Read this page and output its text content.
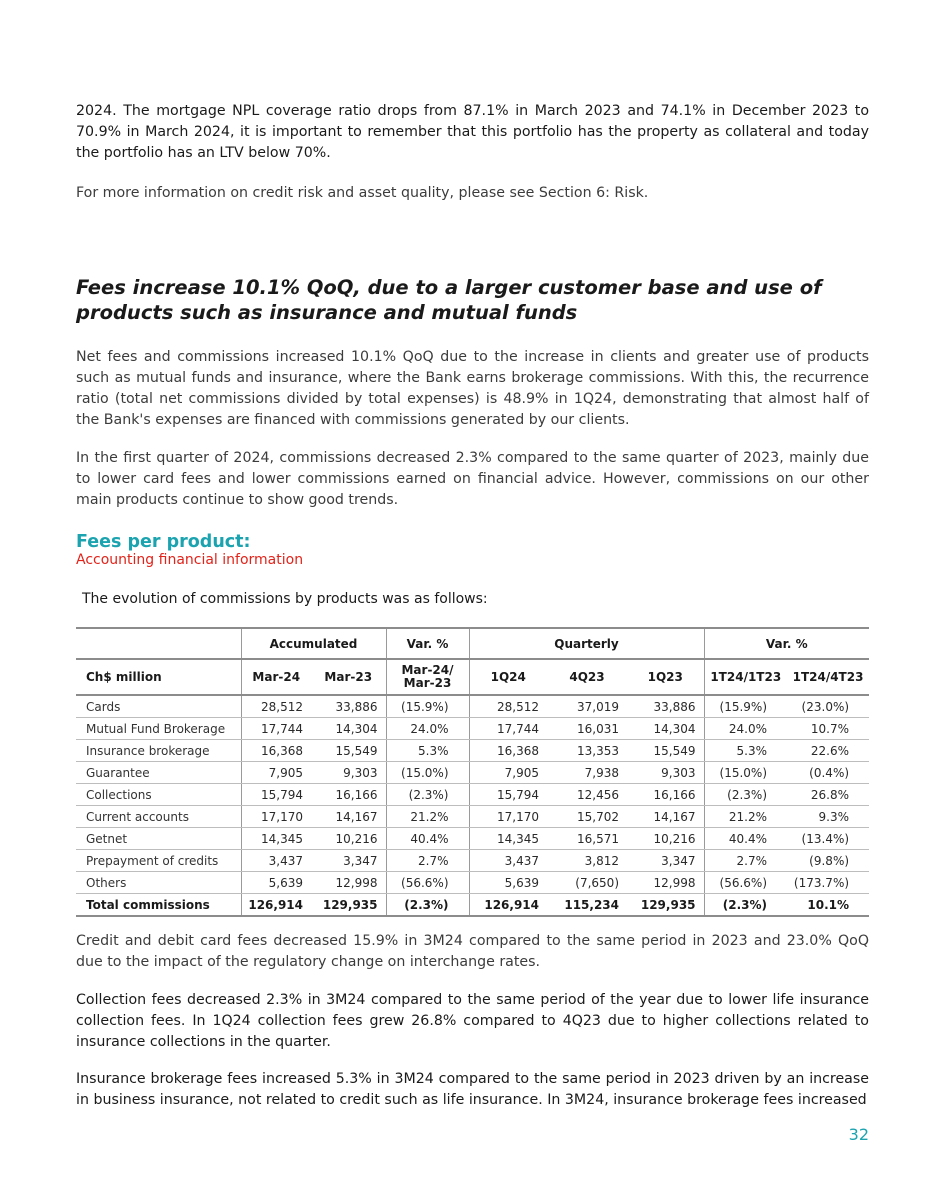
2024. The mortgage NPL coverage ratio drops from 87.1% in March 2023 and 74.1% in December 2023 to 70.9% in March 2024, it is important to remember that this portfolio has the property as collateral and today the portfolio has an LTV below 70%.

For more information on credit risk and asset quality, please see Section 6: Risk.

Fees increase 10.1% QoQ, due to a larger customer base and use of products such as insurance and mutual funds

Net fees and commissions increased 10.1% QoQ due to the increase in clients and greater use of products such as mutual funds and insurance, where the Bank earns brokerage commissions. With this, the recurrence ratio (total net commissions divided by total expenses) is 48.9% in 1Q24, demonstrating that almost half of the Bank's expenses are financed with commissions generated by our clients.

In the first quarter of 2024, commissions decreased 2.3% compared to the same quarter of 2023, mainly due to lower card fees and lower commissions earned on financial advice. However, commissions on our other main products continue to show good trends.

Fees per product:

Accounting financial information

The evolution of commissions by products was as follows:

	Accumulated		Var. %	Quarterly			Var. %	
Ch$ million	Mar-24	Mar-23	Mar-24/
Mar-23	1Q24	4Q23	1Q23	1T24/1T23	1T24/4T23
Cards	28,512	33,886	(15.9%)	28,512	37,019	33,886	(15.9%)	(23.0%)
Mutual Fund Brokerage	17,744	14,304	24.0%	17,744	16,031	14,304	24.0%	10.7%
Insurance brokerage	16,368	15,549	5.3%	16,368	13,353	15,549	5.3%	22.6%
Guarantee	7,905	9,303	(15.0%)	7,905	7,938	9,303	(15.0%)	(0.4%)
Collections	15,794	16,166	(2.3%)	15,794	12,456	16,166	(2.3%)	26.8%
Current accounts	17,170	14,167	21.2%	17,170	15,702	14,167	21.2%	9.3%
Getnet	14,345	10,216	40.4%	14,345	16,571	10,216	40.4%	(13.4%)
Prepayment of credits	3,437	3,347	2.7%	3,437	3,812	3,347	2.7%	(9.8%)
Others	5,639	12,998	(56.6%)	5,639	(7,650)	12,998	(56.6%)	(173.7%)
Total commissions	126,914	129,935	(2.3%)	126,914	115,234	129,935	(2.3%)	10.1%

Credit and debit card fees decreased 15.9% in 3M24 compared to the same period in 2023 and 23.0% QoQ due to the impact of the regulatory change on interchange rates.

Collection fees decreased 2.3% in 3M24 compared to the same period of the year due to lower life insurance collection fees. In 1Q24 collection fees grew 26.8% compared to 4Q23 due to higher collections related to insurance collections in the quarter.

Insurance brokerage fees increased 5.3% in 3M24 compared to the same period in 2023 driven by an increase in business insurance, not related to credit such as life insurance. In 3M24, insurance brokerage fees increased

32
